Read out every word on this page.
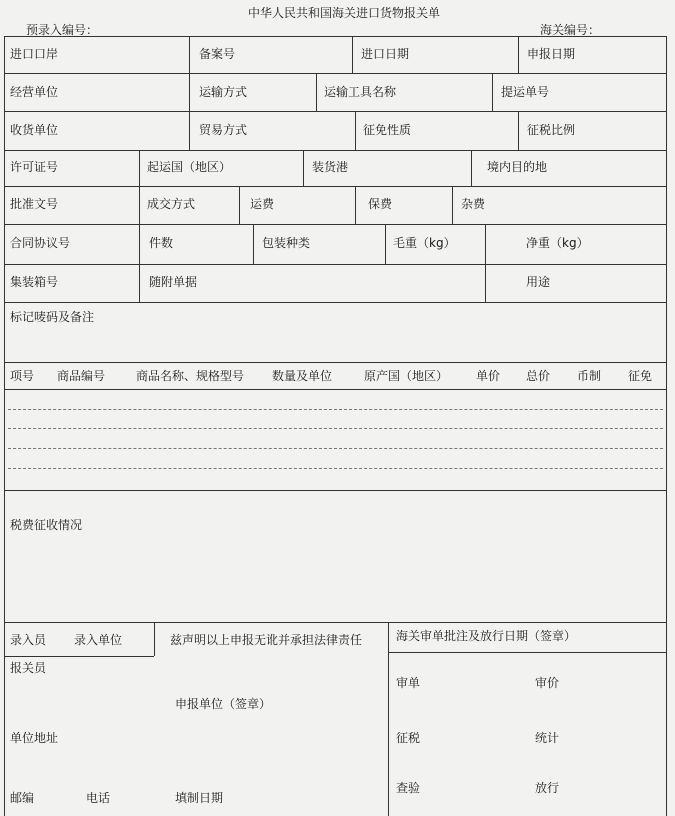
中华人民共和国海关进口货物报关单
预录入编号：	海关编号：
进口口岸	备案号	进口日期	申报日期
经营单位	运输方式	运输工具名称	提运单号
收货单位	贸易方式	征免性质	征税比例
许可证号	起运国（地区）	装货港	境内目的地
批准文号	成交方式	运费	保费	杂费
合同协议号	件数	包装种类	毛重（kg）	净重（kg）
集装箱号	随附单据	用途
标记唛码及备注
项号 商品编号	商品名称、规格型号 数量及单位	原产国（地区） 单价 总价 币制 征免
税费征收情况
录入员 录入单位	兹声明以上申报无讹并承担法律责任	海关审单批注及放行日期（签章）
报关员
审单	审价
申报单位（签章）
单位地址	征税	统计
邮编	电话	填制日期
查验	放行
